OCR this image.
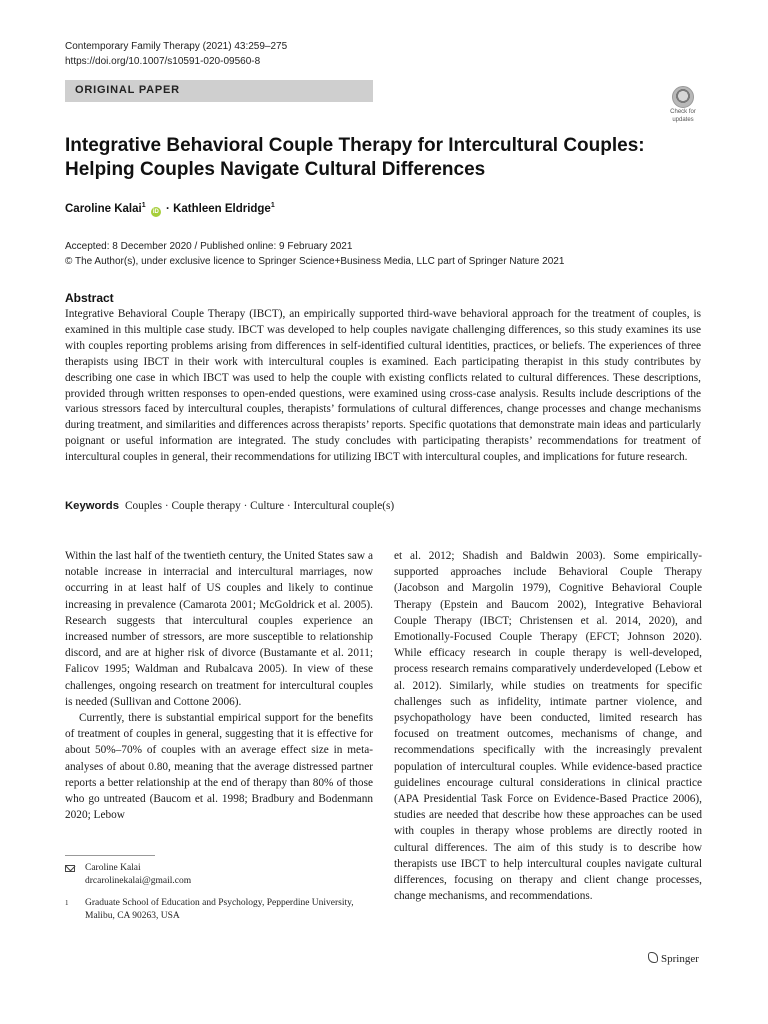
Contemporary Family Therapy (2021) 43:259–275
https://doi.org/10.1007/s10591-020-09560-8
ORIGINAL PAPER
Check for
updates
Integrative Behavioral Couple Therapy for Intercultural Couples:
Helping Couples Navigate Cultural Differences
Caroline Kalai$^1$ iD · Kathleen Eldridge$^1$
Accepted: 8 December 2020 / Published online: 9 February 2021
© The Author(s), under exclusive licence to Springer Science+Business Media, LLC part of Springer Nature 2021
Abstract
Integrative Behavioral Couple Therapy (IBCT), an empirically supported third-wave behavioral approach for the treatment of couples, is examined in this multiple case study. IBCT was developed to help couples navigate challenging differences, so this study examines its use with couples reporting problems arising from differences in self-identified cultural identities, practices, or beliefs. The experiences of three therapists using IBCT in their work with intercultural couples is examined. Each participating therapist in this study contributes by describing one case in which IBCT was used to help the couple with existing conflicts related to cultural differences. These descriptions, provided through written responses to open-ended questions, were examined using cross-case analysis. Results include descriptions of the various stressors faced by intercultural couples, therapists’ formulations of cultural differences, change processes and change mechanisms during treatment, and similarities and differences across therapists’ reports. Specific quotations that demonstrate main ideas and particularly poignant or useful information are integrated. The study concludes with participating therapists’ recommendations for treatment of intercultural couples in general, their recommendations for utilizing IBCT with intercultural couples, and implications for future research.
Keywords Couples · Couple therapy · Culture · Intercultural couple(s)

Within the last half of the twentieth century, the United States saw a notable increase in interracial and intercultural marriages, now occurring in at least half of US couples and likely to continue increasing in prevalence (Camarota 2001; McGoldrick et al. 2005). Research suggests that intercultural couples experience an increased number of stressors, are more susceptible to relationship discord, and are at higher risk of divorce (Bustamante et al. 2011; Falicov 1995; Waldman and Rubalcava 2005). In view of these challenges, ongoing research on treatment for intercultural couples is needed (Sullivan and Cottone 2006).

Currently, there is substantial empirical support for the benefits of treatment of couples in general, suggesting that it is effective for about 50%–70% of couples with an average effect size in meta-analyses of about 0.80, meaning that the average distressed partner reports a better relationship at the end of therapy than 80% of those who go untreated (Baucom et al. 1998; Bradbury and Bodenmann 2020; Lebow

et al. 2012; Shadish and Baldwin 2003). Some empirically-supported approaches include Behavioral Couple Therapy (Jacobson and Margolin 1979), Cognitive Behavioral Couple Therapy (Epstein and Baucom 2002), Integrative Behavioral Couple Therapy (IBCT; Christensen et al. 2014, 2020), and Emotionally-Focused Couple Therapy (EFCT; Johnson 2020). While efficacy research in couple therapy is well-developed, process research remains comparatively underdeveloped (Lebow et al. 2012). Similarly, while studies on treatments for specific challenges such as infidelity, intimate partner violence, and psychopathology have been conducted, limited research has focused on treatment outcomes, mechanisms of change, and recommendations specifically with the increasingly prevalent population of intercultural couples. While evidence-based practice guidelines encourage cultural considerations in clinical practice (APA Presidential Task Force on Evidence-Based Practice 2006), studies are needed that describe how these approaches can be used with couples in therapy whose problems are directly rooted in cultural differences. The aim of this study is to describe how therapists use IBCT to help intercultural couples navigate cultural differences, focusing on therapy and client change processes, change mechanisms, and recommendations.

Caroline Kalai
drcarolinekalai@gmail.com
1	Graduate School of Education and Psychology, Pepperdine University, Malibu, CA 90263, USA
Springer
